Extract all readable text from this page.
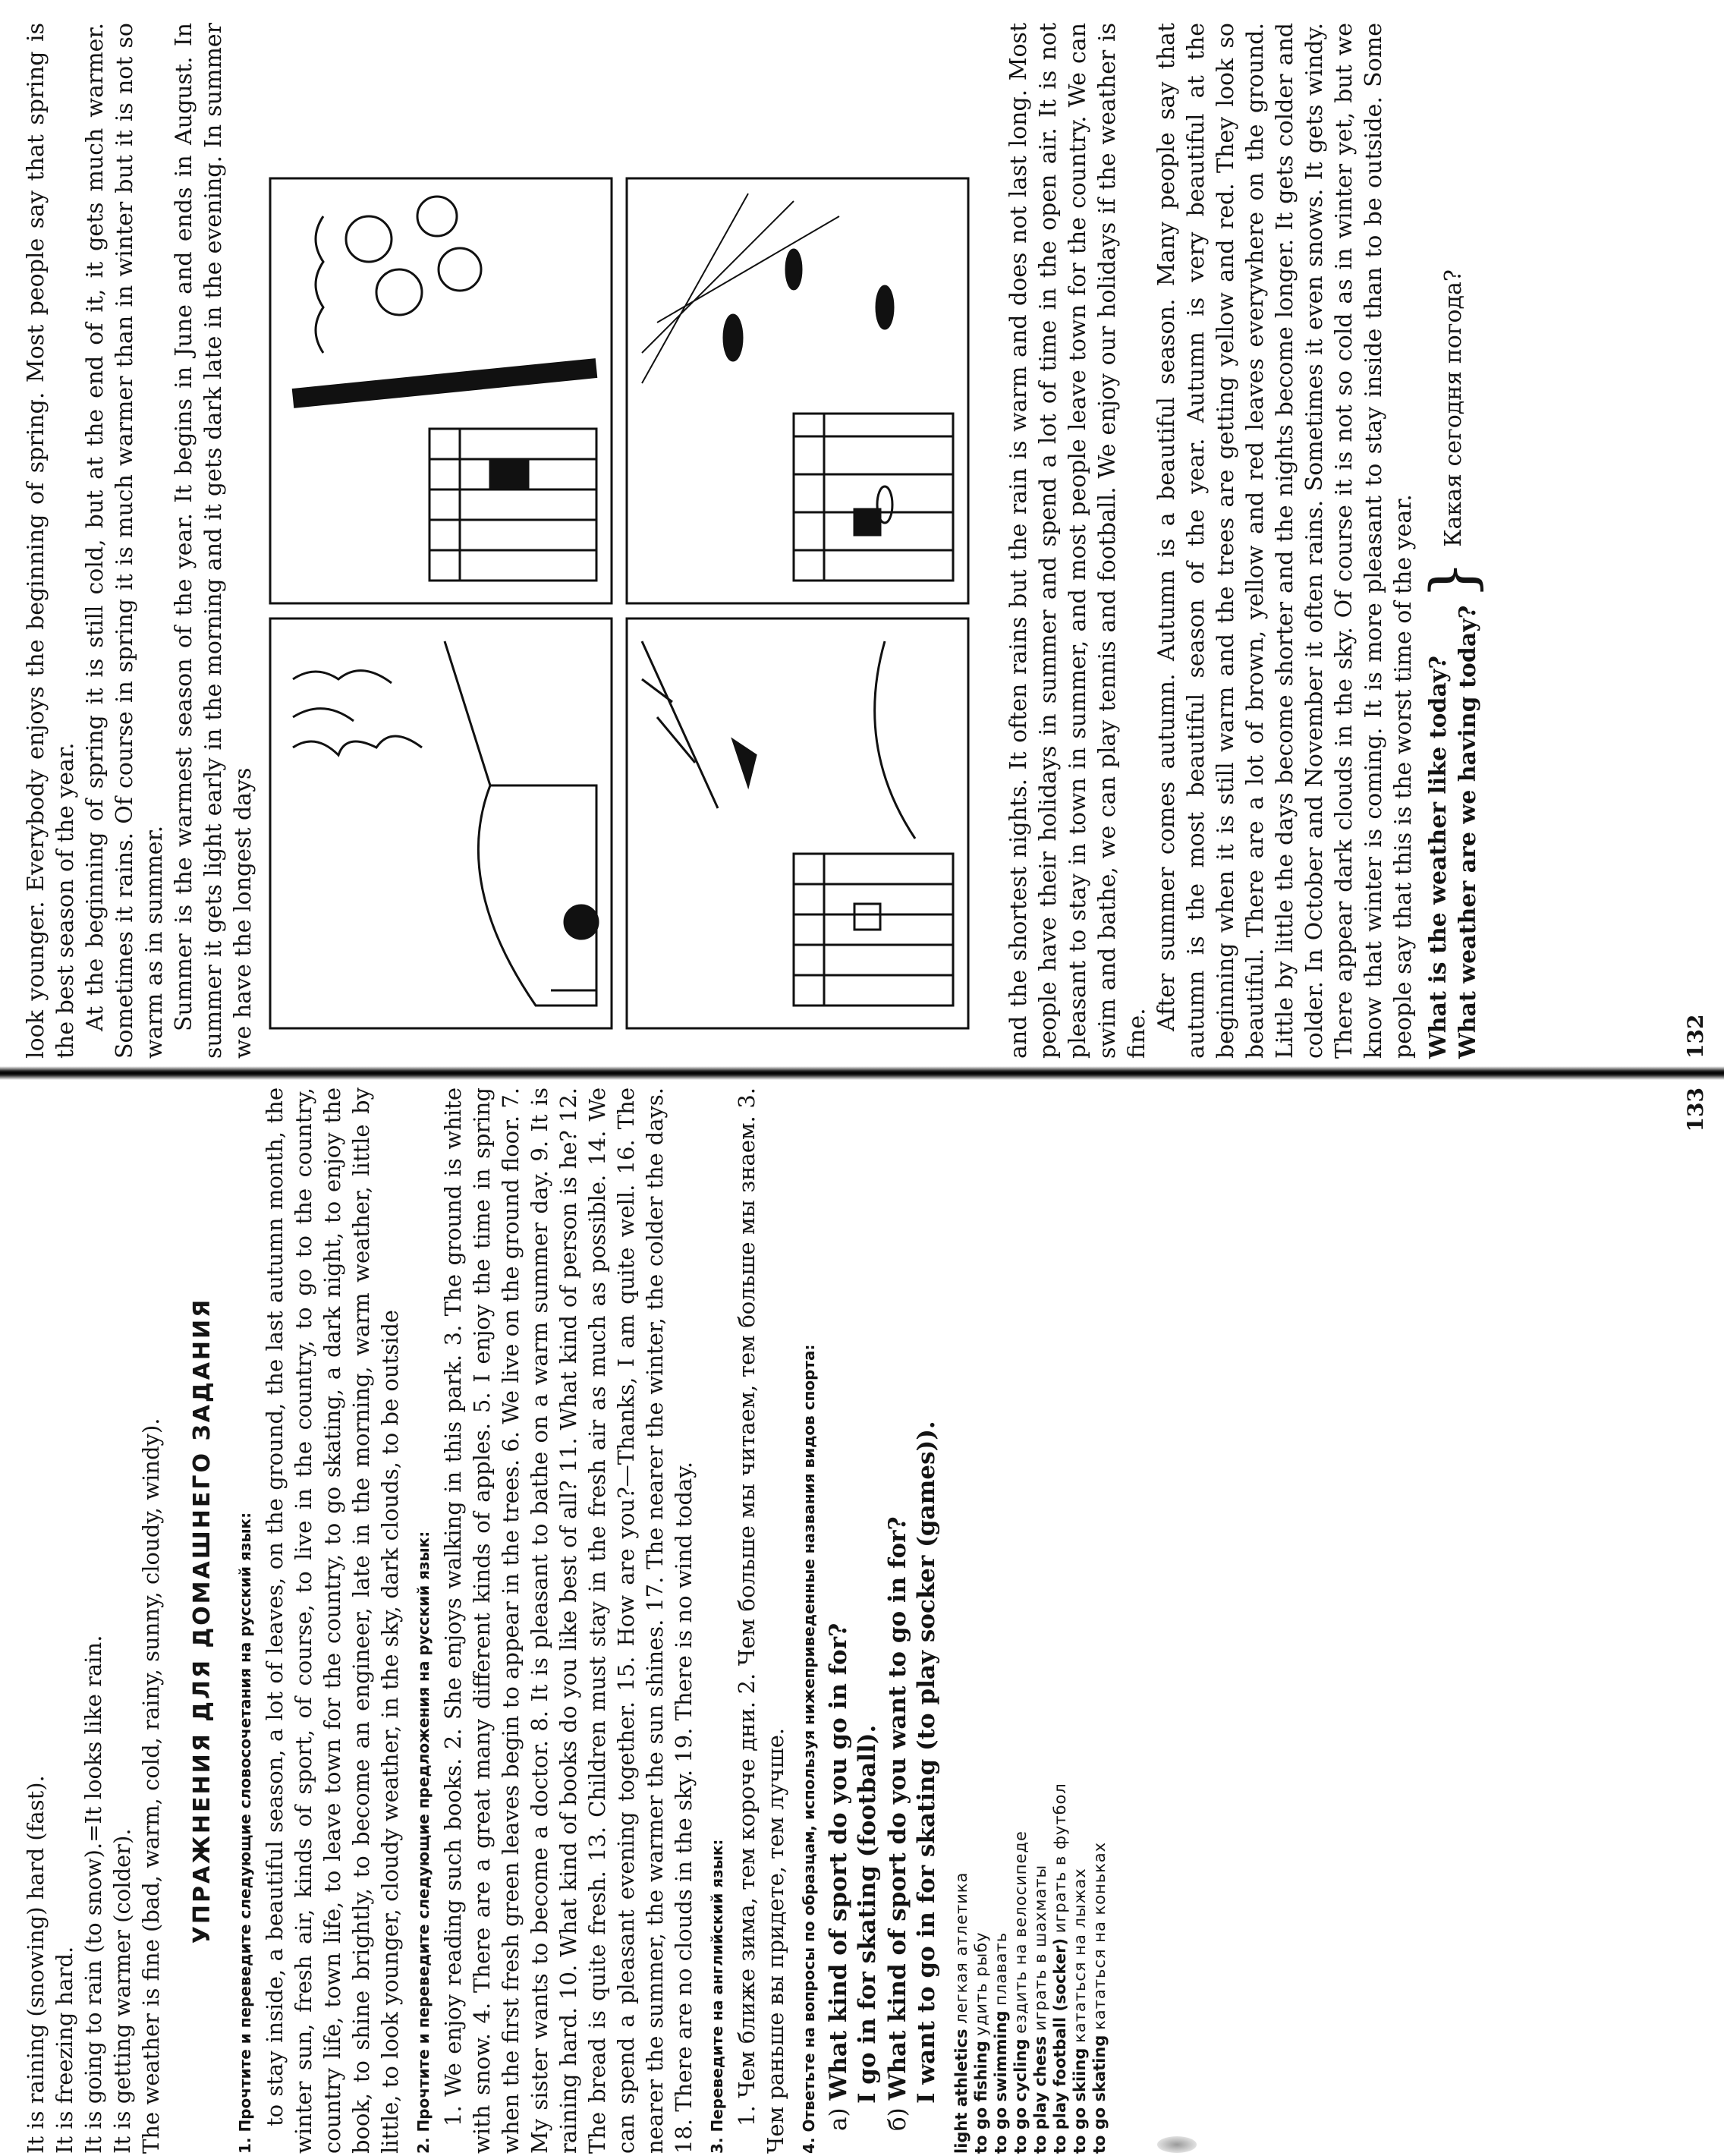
look younger. Everybody enjoys the beginning of spring. Most people say that spring is the best season of the year. At the beginning of spring it is still cold, but at the end of it, it gets much warmer. Sometimes it rains. Of course in spring it is much warmer than in winter but it is not so warm as in summer. Summer is the warmest season of the year. It begins in June and ends in August. In summer it gets light early in the morning and it gets dark late in the evening. In summer we have the longest days	and the shortest nights. It often rains but the rain is warm and does not last long. Most people have their holidays in summer and spend a lot of time in the open air. It is not pleasant to stay in town in summer, and most people leave town for the country. We can swim and bathe, we can play tennis and football. We enjoy our holidays if the weather is fine.

After summer comes autumn. Autumn is a beautiful season. Many people say that autumn is the most beautiful season of the year. Autumn is very beautiful at the beginning when it is still warm and the trees are getting yellow and red. They look so beautiful. There are a lot of brown, yellow and red leaves everywhere on the ground. Little by little the days become shorter and the nights become longer. It gets colder and colder. In October and November it often rains. Sometimes it even snows. It gets windy. There appear dark clouds in the sky. Of course it is not so cold as in winter yet, but we know that winter is coming. It is more pleasant to stay inside than to be outside. Some people say that this is the worst time of the year. What is the weather like today? What weather are we having today?
}
Какая сегодня погода?
132

It is raining (snowing) hard (fast). It is freezing hard. It is going to rain (to snow).=It looks like rain. It is getting warmer (colder). The weather is fine (bad, warm, cold, rainy, sunny, cloudy, windy). УПРАЖНЕНИЯ ДЛЯ ДОМАШНЕГО ЗАДАНИЯ 1. Прочтите и переведите следующие словосочетания на русский язык: to stay inside, a beautiful season, a lot of leaves, on the ground, the last autumn month, the winter sun, fresh air, kinds of sport, of course, to live in the country, to go to the country, country life, town life, to leave town for the country, to go skating, a dark night, to enjoy the book, to shine brightly, to become an engineer, late in the morning, warm weather, little by little, to look younger, cloudy weather, in the sky, dark clouds, to be outside 2. Прочтите и переведите следующие предложения на русский язык: 1. We enjoy reading such books. 2. She enjoys walking in this park. 3. The ground is white with snow. 4. There are a great many different kinds of apples. 5. I enjoy the time in spring when the first fresh green leaves begin to appear in the trees. 6. We live on the ground floor. 7. My sister wants to become a doctor. 8. It is pleasant to bathe on a warm summer day. 9. It is raining hard. 10. What kind of books do you like best of all? 11. What kind of person is he? 12. The bread is quite fresh. 13. Children must stay in the fresh air as much as possible. 14. We can spend a pleasant evening together. 15. How are you?—Thanks, I am quite well. 16. The nearer the summer, the warmer the sun shines. 17. The nearer the winter, the colder the days. 18. There are no clouds in the sky. 19. There is no wind today. 3. Переведите на английский язык: 1. Чем ближе зима, тем короче дни. 2. Чем больше мы читаем, тем больше мы знаем. 3. Чем раньше вы придете, тем лучше. 4. Ответьте на вопросы по образцам, используя нижеприведенные названия видов спорта: а) What kind of sport do you go in for? I go in for skating (football).
б) What kind of sport do you want to go in for? I want to go in for skating (to play socker (games)). light athletics легкая атлетика
to go fishing удить рыбу
to go swimming плавать
to go cycling ездить на велосипеде
to play chess играть в шахматы to play football (socker) играть в футбол
to go skiing кататься на лыжах
to go skating кататься на коньках
133
